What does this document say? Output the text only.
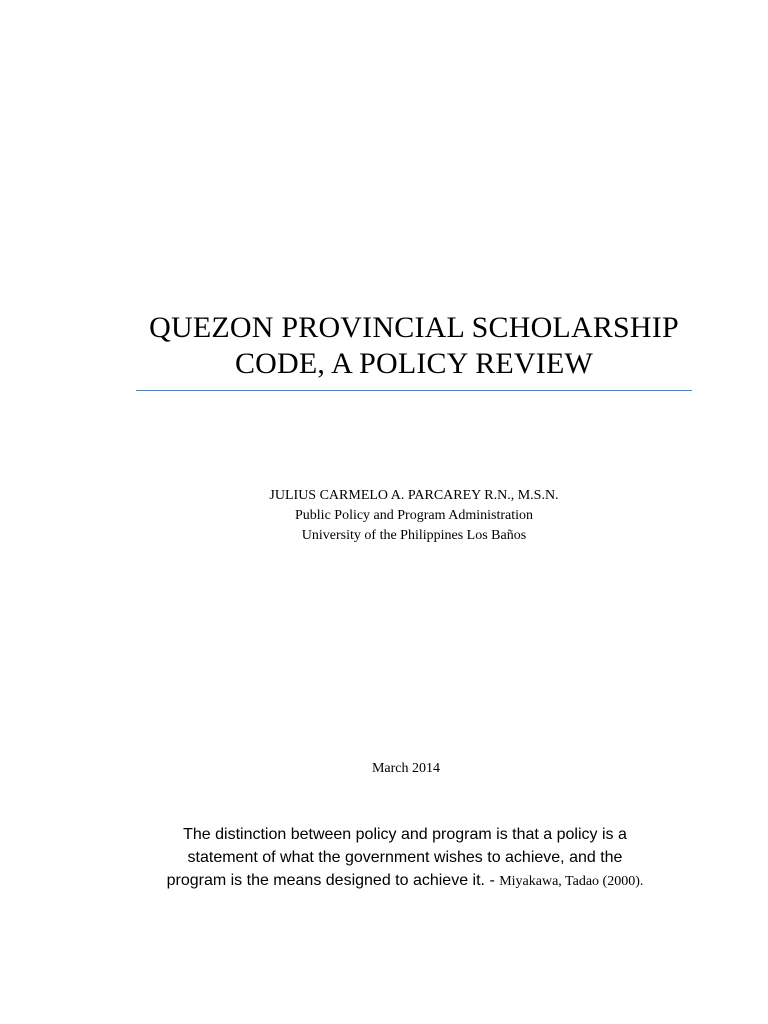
QUEZON PROVINCIAL SCHOLARSHIP
CODE, A POLICY REVIEW
JULIUS CARMELO A. PARCAREY R.N., M.S.N.
Public Policy and Program Administration
University of the Philippines Los Baños
March 2014
The distinction between policy and program is that a policy is a
statement of what the government wishes to achieve, and the
program is the means designed to achieve it. - Miyakawa, Tadao (2000).
